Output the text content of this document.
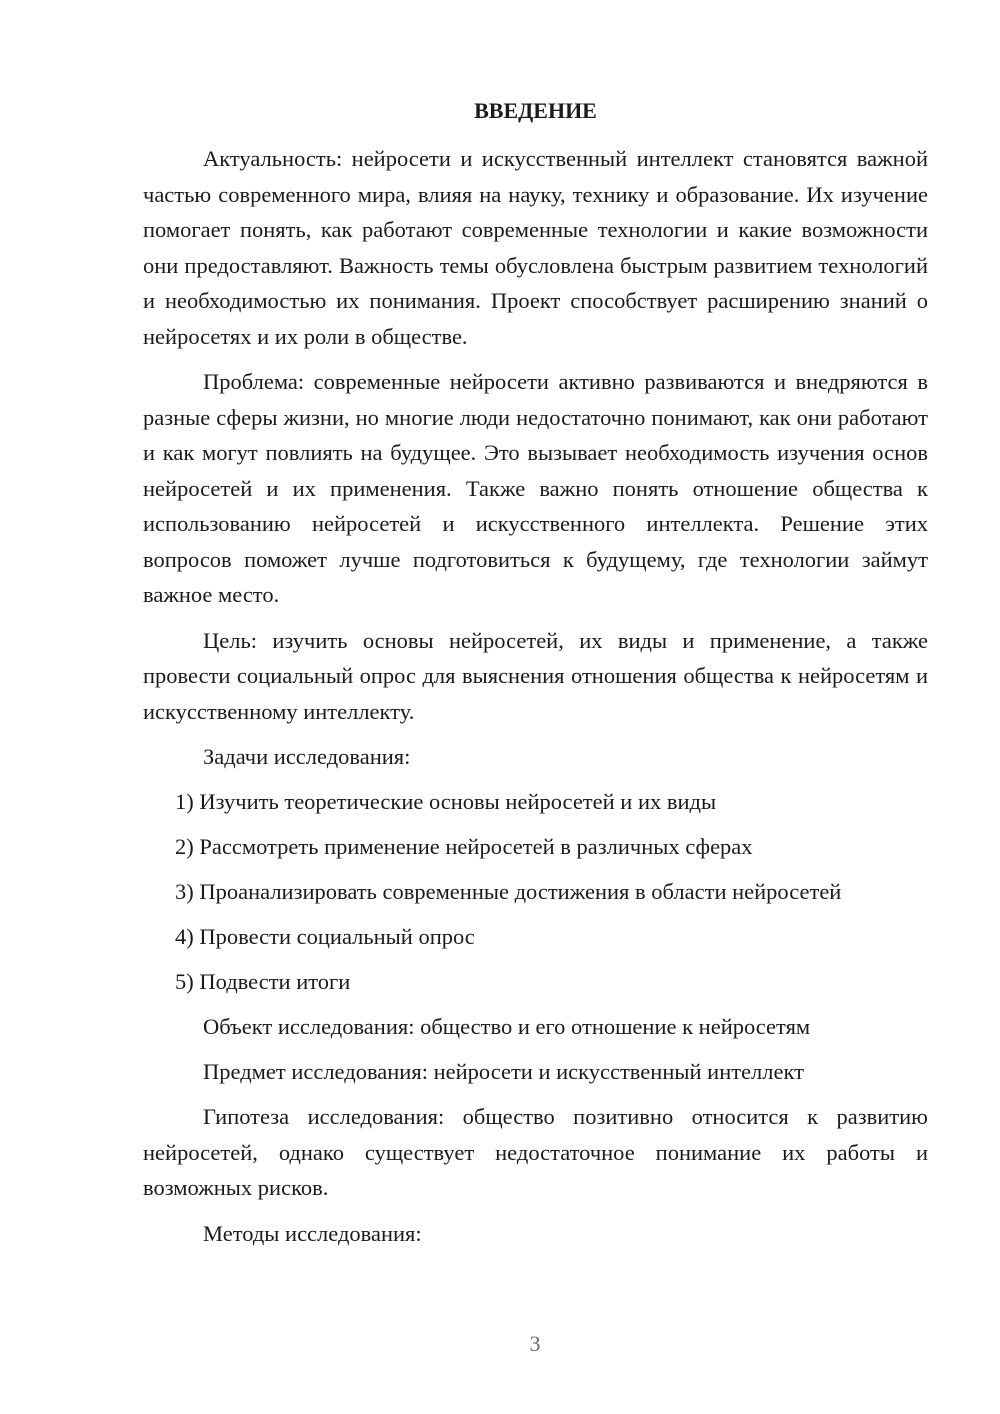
ВВЕДЕНИЕ

Актуальность: нейросети и искусственный интеллект становятся важной частью современного мира, влияя на науку, технику и образование. Их изучение помогает понять, как работают современные технологии и какие возможности они предоставляют. Важность темы обусловлена быстрым развитием технологий и необходимостью их понимания. Проект способствует расширению знаний о нейросетях и их роли в обществе.

Проблема: современные нейросети активно развиваются и внедряются в разные сферы жизни, но многие люди недостаточно понимают, как они работают и как могут повлиять на будущее. Это вызывает необходимость изучения основ нейросетей и их применения. Также важно понять отношение общества к использованию нейросетей и искусственного интеллекта. Решение этих вопросов поможет лучше подготовиться к будущему, где технологии займут важное место.

Цель: изучить основы нейросетей, их виды и применение, а также провести социальный опрос для выяснения отношения общества к нейросетям и искусственному интеллекту.

Задачи исследования:

1) Изучить теоретические основы нейросетей и их виды

2) Рассмотреть применение нейросетей в различных сферах

3) Проанализировать современные достижения в области нейросетей

4) Провести социальный опрос

5) Подвести итоги

Объект исследования: общество и его отношение к нейросетям

Предмет исследования: нейросети и искусственный интеллект

Гипотеза исследования: общество позитивно относится к развитию нейросетей, однако существует недостаточное понимание их работы и возможных рисков.

Методы исследования:

3
